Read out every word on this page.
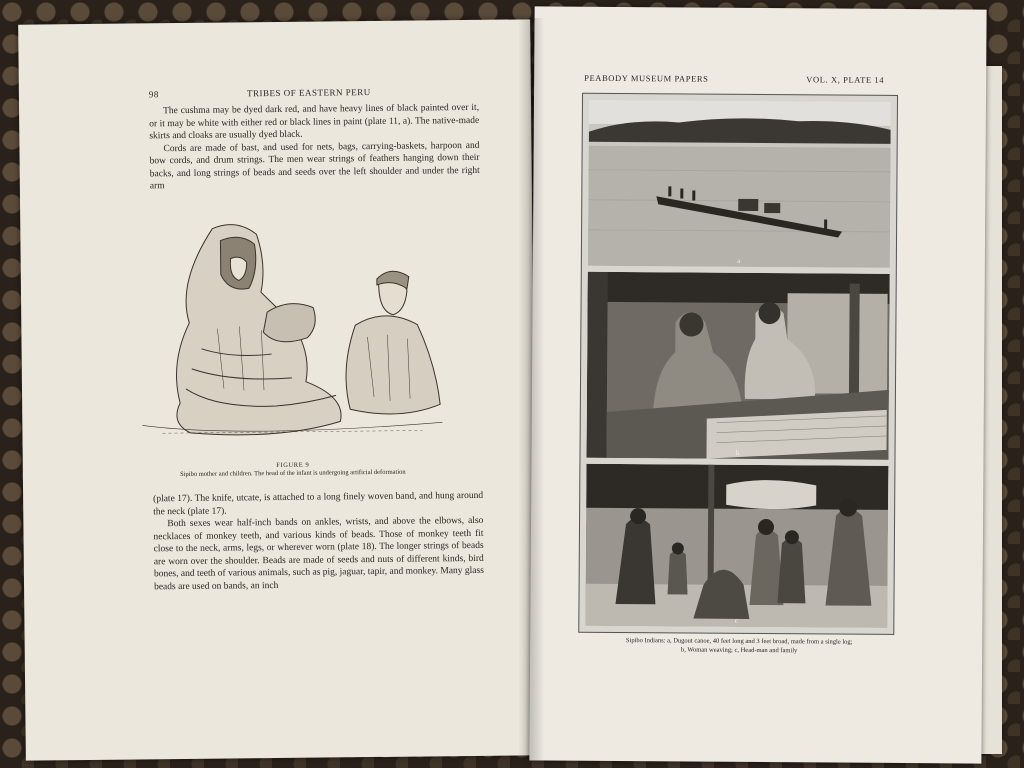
98	TRIBES OF EASTERN PERU

The cushma may be dyed dark red, and have heavy lines of black painted over it, or it may be white with either red or black lines in paint (plate 11, a). The native-made skirts and cloaks are usually dyed black.

Cords are made of bast, and used for nets, bags, carrying-baskets, harpoon and bow cords, and drum strings. The men wear strings of feathers hanging down their backs, and long strings of beads and seeds over the left shoulder and under the right arm

FIGURE 9
Sipibo mother and children. The head of the infant is undergoing artificial deformation

(plate 17). The knife, utcate, is attached to a long finely woven band, and hung around the neck (plate 17).

Both sexes wear half-inch bands on ankles, wrists, and above the elbows, also necklaces of monkey teeth, and various kinds of beads. Those of monkey teeth fit close to the neck, arms, legs, or wherever worn (plate 18). The longer strings of beads are worn over the shoulder. Beads are made of seeds and nuts of different kinds, bird bones, and teeth of various animals, such as pig, jaguar, tapir, and monkey. Many glass beads are used on bands, an inch

PEABODY MUSEUM PAPERS	VOL. X, PLATE 14
a
b
c
Sipibo Indians: a, Dugout canoe, 40 feet long and 3 feet broad, made from a single log;
b, Woman weaving; c, Head-man and family
